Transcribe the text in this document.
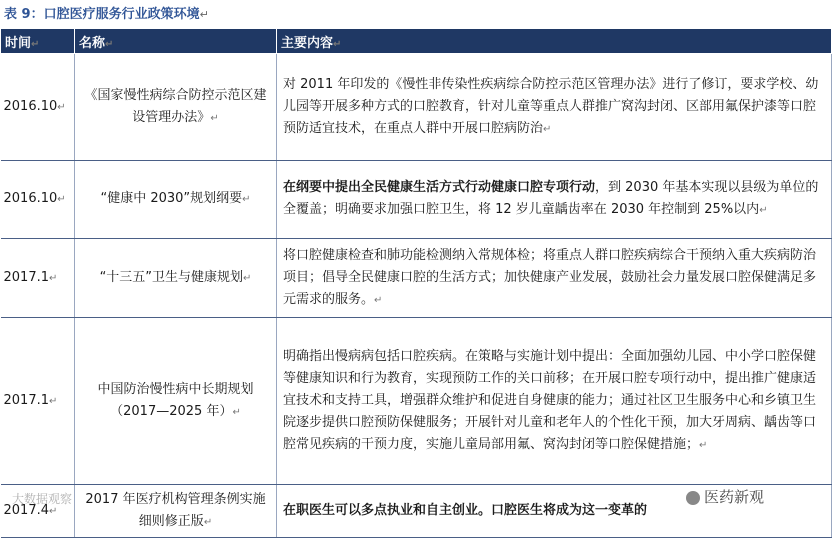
表 9：口腔医疗服务行业政策环境↵
时间↵	名称↵	主要内容↵
2016.10↵	《国家慢性病综合防控示范区建设管理办法》↵	对 2011 年印发的《慢性非传染性疾病综合防控示范区管理办法》进行了修订，要求学校、幼儿园等开展多种方式的口腔教育，针对儿童等重点人群推广窝沟封闭、区部用氟保护漆等口腔预防适宜技术，在重点人群中开展口腔病防治↵
2016.10↵	“健康中 2030”规划纲要↵	在纲要中提出全民健康生活方式行动健康口腔专项行动，到 2030 年基本实现以县级为单位的全覆盖；明确要求加强口腔卫生，将 12 岁儿童龋齿率在 2030 年控制到 25%以内↵
2017.1↵	“十三五”卫生与健康规划↵	将口腔健康检查和肺功能检测纳入常规体检；将重点人群口腔疾病综合干预纳入重大疾病防治项目；倡导全民健康口腔的生活方式；加快健康产业发展，鼓励社会力量发展口腔保健满足多元需求的服务。↵
2017.1↵	中国防治慢性病中长期规划（2017—2025 年）↵	明确指出慢病病包括口腔疾病。在策略与实施计划中提出：全面加强幼儿园、中小学口腔保健等健康知识和行为教育，实现预防工作的关口前移；在开展口腔专项行动中，提出推广健康适宜技术和支持工具，增强群众维护和促进自身健康的能力；通过社区卫生服务中心和乡镇卫生院逐步提供口腔预防保健服务；开展针对儿童和老年人的个性化干预，加大牙周病、龋齿等口腔常见疾病的干预力度，实施儿童局部用氟、窝沟封闭等口腔保健措施；↵
2017.4↵	2017 年医疗机构管理条例实施细则修正版↵	在职医生可以多点执业和自主创业。口腔医生将成为这一变革的
大数据观察	医药新观
